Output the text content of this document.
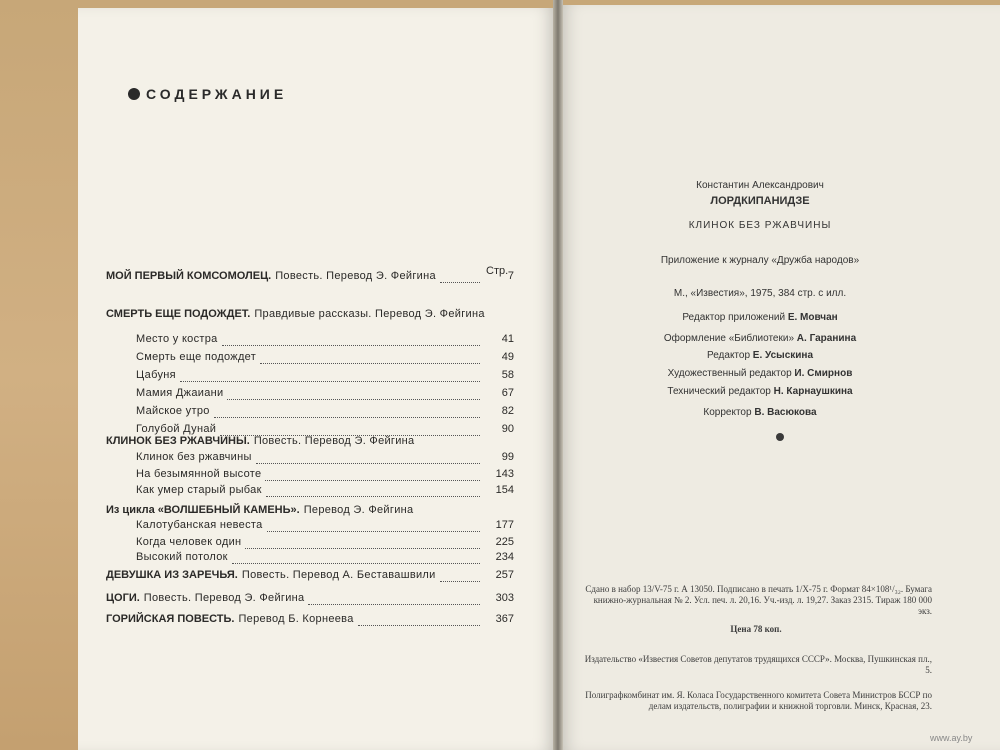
СОДЕРЖАНИЕ
Стр.
МОЙ ПЕРВЫЙ КОМСОМОЛЕЦ. Повесть. Перевод Э. Фейгина	7
СМЕРТЬ ЕЩЕ ПОДОЖДЕТ. Правдивые рассказы. Перевод Э. Фейгина
Место у костра	41
Смерть еще подождет	49
Цабуня	58
Мамия Джаиани	67
Майское утро	82
Голубой Дунай	90
КЛИНОК БЕЗ РЖАВЧИНЫ. Повесть. Перевод Э. Фейгина
Клинок без ржавчины	99
На безымянной высоте	143
Как умер старый рыбак	154
Из цикла «ВОЛШЕБНЫЙ КАМЕНЬ». Перевод Э. Фейгина
Калотубанская невеста	177
Когда человек один	225
Высокий потолок	234
ДЕВУШКА ИЗ ЗАРЕЧЬЯ. Повесть. Перевод А. Беставашвили	257
ЦОГИ. Повесть. Перевод Э. Фейгина	303
ГОРИЙСКАЯ ПОВЕСТЬ. Перевод Б. Корнеева	367
Константин Александрович
ЛОРДКИПАНИДЗЕ
КЛИНОК БЕЗ РЖАВЧИНЫ
Приложение к журналу «Дружба народов»
М., «Известия», 1975, 384 стр. с илл.
Редактор приложений Е. Мовчан
Оформление «Библиотеки» А. Гаранина
Редактор Е. Усыскина
Художественный редактор И. Смирнов
Технический редактор Н. Карнаушкина
Корректор В. Васюкова
Сдано в набор 13/V-75 г. А 13050. Подписано в печать 1/X-75 г. Формат 84×108¹/₃₂. Бумага книжно-журнальная № 2. Усл. печ. л. 20,16. Уч.-изд. л. 19,27. Заказ 2315. Тираж 180 000 экз.
Цена 78 коп.
Издательство «Известия Советов депутатов трудящихся СССР». Москва, Пушкинская пл., 5.
Полиграфкомбинат им. Я. Коласа Государственного комитета Совета Министров БССР по делам издательств, полиграфии и книжной торговли. Минск, Красная, 23.
www.ay.by
